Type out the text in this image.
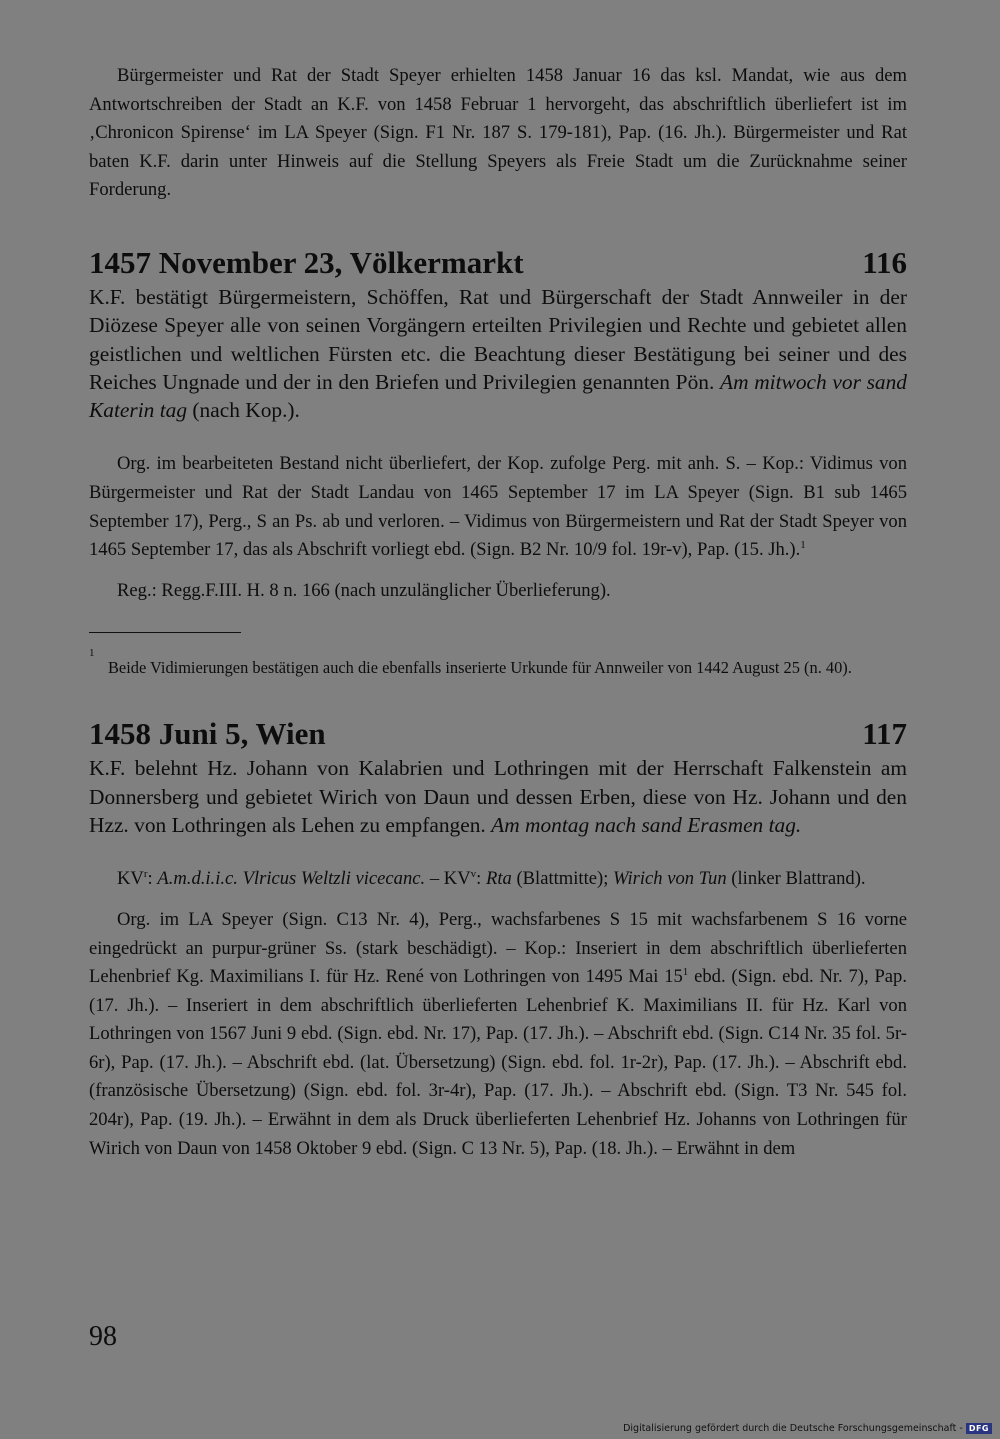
Bürgermeister und Rat der Stadt Speyer erhielten 1458 Januar 16 das ksl. Mandat, wie aus dem Antwortschreiben der Stadt an K.F. von 1458 Februar 1 hervorgeht, das abschriftlich überliefert ist im ‚Chronicon Spirense‘ im LA Speyer (Sign. F1 Nr. 187 S. 179-181), Pap. (16. Jh.). Bürgermeister und Rat baten K.F. darin unter Hinweis auf die Stellung Speyers als Freie Stadt um die Zurücknahme seiner Forderung.

1457 November 23, Völkermarkt	116

K.F. bestätigt Bürgermeistern, Schöffen, Rat und Bürgerschaft der Stadt Annweiler in der Diözese Speyer alle von seinen Vorgängern erteilten Privilegien und Rechte und gebietet allen geistlichen und weltlichen Fürsten etc. die Beachtung dieser Bestätigung bei seiner und des Reiches Ungnade und der in den Briefen und Privilegien genannten Pön. Am mitwoch vor sand Katerin tag (nach Kop.).

Org. im bearbeiteten Bestand nicht überliefert, der Kop. zufolge Perg. mit anh. S. – Kop.: Vidimus von Bürgermeister und Rat der Stadt Landau von 1465 September 17 im LA Speyer (Sign. B1 sub 1465 September 17), Perg., S an Ps. ab und verloren. – Vidimus von Bürgermeistern und Rat der Stadt Speyer von 1465 September 17, das als Abschrift vorliegt ebd. (Sign. B2 Nr. 10/9 fol. 19r-v), Pap. (15. Jh.).$^1$

Reg.: Regg.F.III. H. 8 n. 166 (nach unzulänglicher Überlieferung).

1
Beide Vidimierungen bestätigen auch die ebenfalls inserierte Urkunde für Annweiler von 1442 August 25 (n. 40).
1458 Juni 5, Wien	117

K.F. belehnt Hz. Johann von Kalabrien und Lothringen mit der Herrschaft Falkenstein am Donnersberg und gebietet Wirich von Daun und dessen Erben, diese von Hz. Johann und den Hzz. von Lothringen als Lehen zu empfangen. Am montag nach sand Erasmen tag.

$KV^r$: A.m.d.i.i.c. Vlricus Weltzli vicecanc. – $KV^v$: Rta (Blattmitte); Wirich von Tun (linker Blattrand).

Org. im LA Speyer (Sign. C13 Nr. 4), Perg., wachsfarbenes S 15 mit wachsfarbenem S 16 vorne eingedrückt an purpur-grüner Ss. (stark beschädigt). – Kop.: Inseriert in dem abschriftlich überlieferten Lehenbrief Kg. Maximilians I. für Hz. René von Lothringen von 1495 Mai $15^1$ ebd. (Sign. ebd. Nr. 7), Pap. (17. Jh.). – Inseriert in dem abschriftlich überlieferten Lehenbrief K. Maximilians II. für Hz. Karl von Lothringen von 1567 Juni 9 ebd. (Sign. ebd. Nr. 17), Pap. (17. Jh.). – Abschrift ebd. (Sign. C14 Nr. 35 fol. 5r-6r), Pap. (17. Jh.). – Abschrift ebd. (lat. Übersetzung) (Sign. ebd. fol. 1r-2r), Pap. (17. Jh.). – Abschrift ebd. (französische Übersetzung) (Sign. ebd. fol. 3r-4r), Pap. (17. Jh.). – Abschrift ebd. (Sign. T3 Nr. 545 fol. 204r), Pap. (19. Jh.). – Erwähnt in dem als Druck überlieferten Lehenbrief Hz. Johanns von Lothringen für Wirich von Daun von 1458 Oktober 9 ebd. (Sign. C 13 Nr. 5), Pap. (18. Jh.). – Erwähnt in dem

98
Digitalisierung gefördert durch die Deutsche Forschungsgemeinschaft - DFG
